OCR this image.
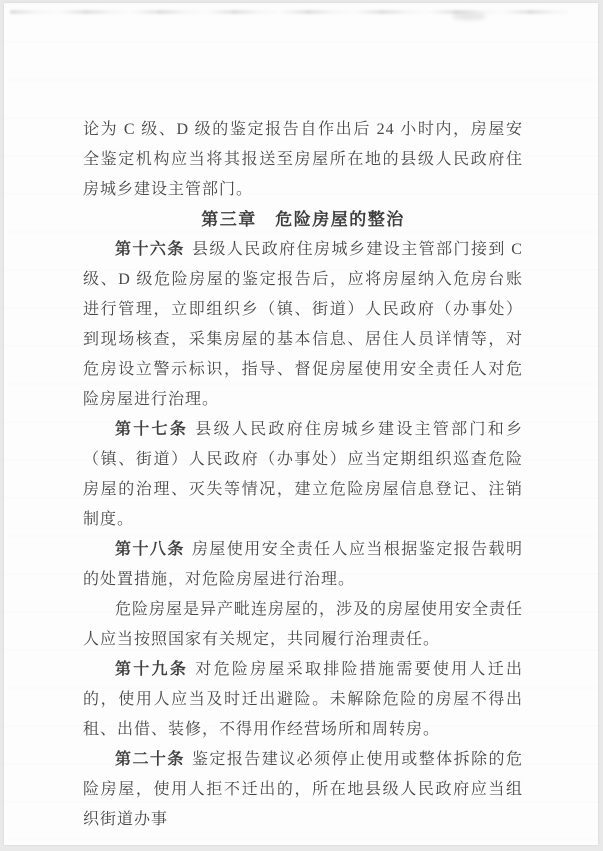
论为 C 级、D 级的鉴定报告自作出后 24 小时内，房屋安全鉴定机构应当将其报送至房屋所在地的县级人民政府住房城乡建设主管部门。

第三章　危险房屋的整治

第十六条 县级人民政府住房城乡建设主管部门接到 C 级、D 级危险房屋的鉴定报告后，应将房屋纳入危房台账进行管理，立即组织乡（镇、街道）人民政府（办事处）到现场核查，采集房屋的基本信息、居住人员详情等，对危房设立警示标识，指导、督促房屋使用安全责任人对危险房屋进行治理。

第十七条 县级人民政府住房城乡建设主管部门和乡（镇、街道）人民政府（办事处）应当定期组织巡查危险房屋的治理、灭失等情况，建立危险房屋信息登记、注销制度。

第十八条 房屋使用安全责任人应当根据鉴定报告载明的处置措施，对危险房屋进行治理。

危险房屋是异产毗连房屋的，涉及的房屋使用安全责任人应当按照国家有关规定，共同履行治理责任。

第十九条 对危险房屋采取排险措施需要使用人迁出的，使用人应当及时迁出避险。未解除危险的房屋不得出租、出借、装修，不得用作经营场所和周转房。

第二十条 鉴定报告建议必须停止使用或整体拆除的危险房屋，使用人拒不迁出的，所在地县级人民政府应当组织街道办事
